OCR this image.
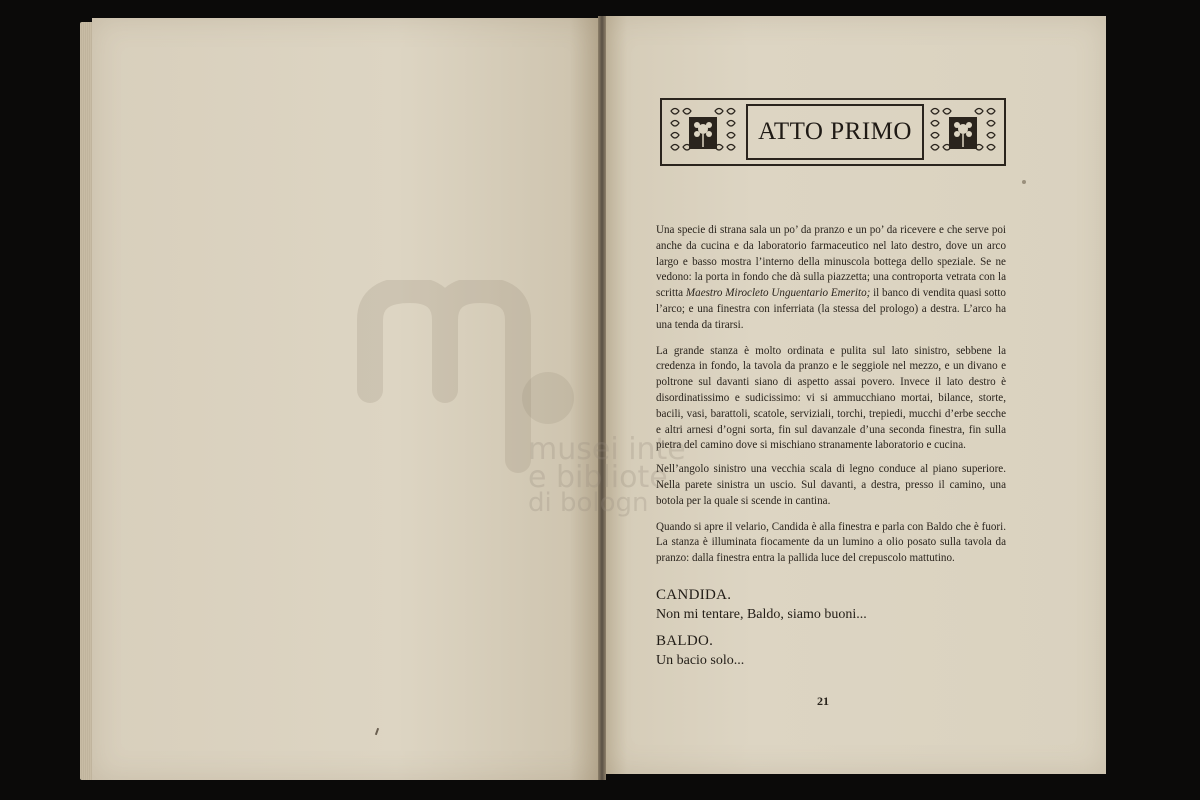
musei inte
e bibliote
di bologn
ATTO PRIMO

Una specie di strana sala un po’ da pranzo e un po’ da ricevere e che serve poi anche da cucina e da laboratorio farmaceutico nel lato destro, dove un arco largo e basso mostra l’interno della minuscola bottega dello speziale. Se ne vedono: la porta in fondo che dà sulla piazzetta; una controporta vetrata con la scritta Maestro Mirocleto Unguentario Emerito; il banco di vendita quasi sotto l’arco; e una finestra con inferriata (la stessa del prologo) a destra. L’arco ha una tenda da tirarsi.

La grande stanza è molto ordinata e pulita sul lato sinistro, sebbene la credenza in fondo, la tavola da pranzo e le seggiole nel mezzo, e un divano e poltrone sul davanti siano di aspetto assai povero. Invece il lato destro è disordinatissimo e sudicissimo: vi si ammucchiano mortai, bilance, storte, bacili, vasi, barattoli, scatole, serviziali, torchi, trepiedi, mucchi d’erbe secche e altri arnesi d’ogni sorta, fin sul davanzale d’una seconda finestra, fin sulla pietra del camino dove si mischiano stranamente laboratorio e cucina.

Nell’angolo sinistro una vecchia scala di legno conduce al piano superiore. Nella parete sinistra un uscio. Sul davanti, a destra, presso il camino, una botola per la quale si scende in cantina.

Quando si apre il velario, Candida è alla finestra e parla con Baldo che è fuori. La stanza è illuminata fiocamente da un lumino a olio posato sulla tavola da pranzo: dalla finestra entra la pallida luce del crepuscolo mattutino.

CANDIDA.
Non mi tentare, Baldo, siamo buoni...
BALDO.
Un bacio solo...
21
